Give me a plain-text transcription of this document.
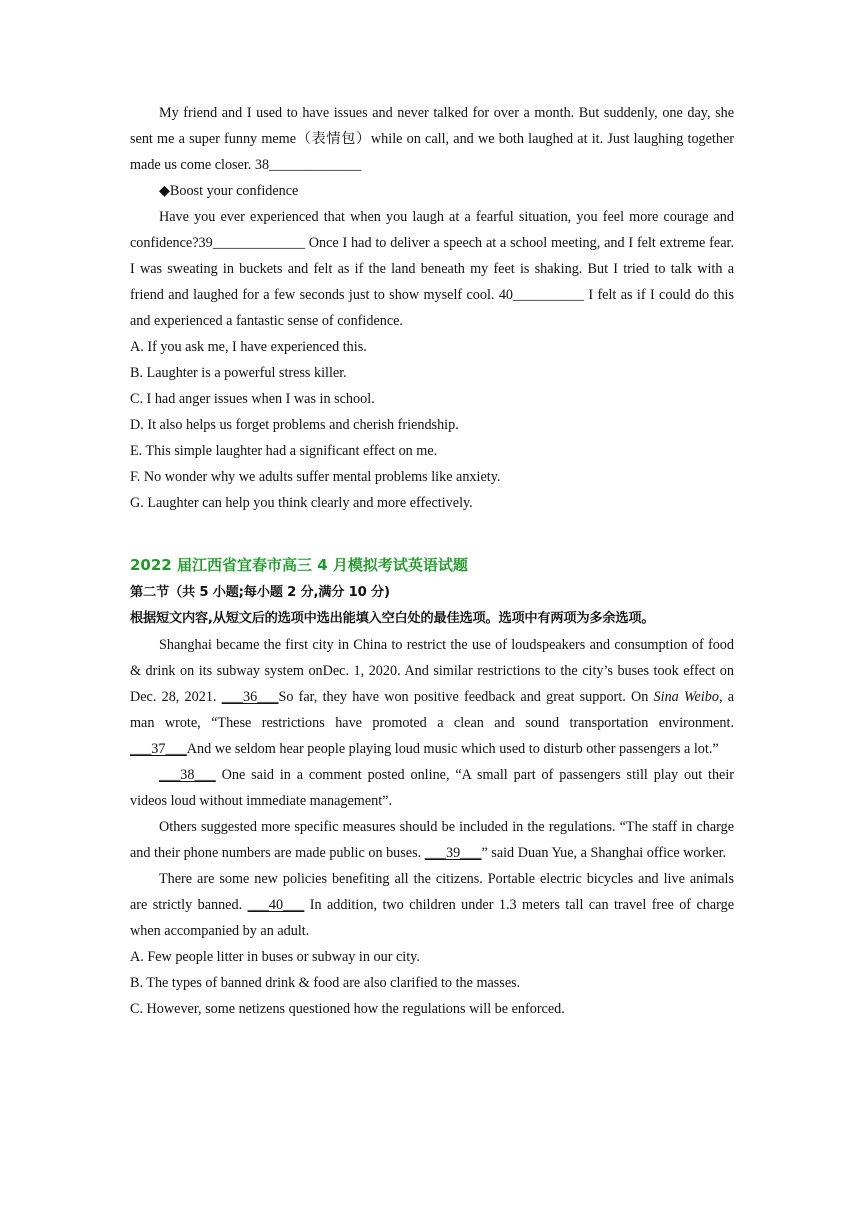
My friend and I used to have issues and never talked for over a month. But suddenly, one day, she sent me a super funny meme（表情包）while on call, and we both laughed at it. Just laughing together made us come closer. 38_____________

◆Boost your confidence

Have you ever experienced that when you laugh at a fearful situation, you feel more courage and confidence?39_____________ Once I had to deliver a speech at a school meeting, and I felt extreme fear. I was sweating in buckets and felt as if the land beneath my feet is shaking. But I tried to talk with a friend and laughed for a few seconds just to show myself cool. 40__________ I felt as if I could do this and experienced a fantastic sense of confidence.

A. If you ask me, I have experienced this.

B. Laughter is a powerful stress killer.

C. I had anger issues when I was in school.

D. It also helps us forget problems and cherish friendship.

E. This simple laughter had a significant effect on me.

F. No wonder why we adults suffer mental problems like anxiety.

G. Laughter can help you think clearly and more effectively.

2022 届江西省宜春市高三 4 月模拟考试英语试题

第二节（共 5 小题;每小题 2 分,满分 10 分)

根据短文内容,从短文后的选项中选出能填入空白处的最佳选项。选项中有两项为多余选项。

Shanghai became the first city in China to restrict the use of loudspeakers and consumption of food & drink on its subway system onDec. 1, 2020. And similar restrictions to the city’s buses took effect on Dec. 28, 2021. ___36___So far, they have won positive feedback and great support. On Sina Weibo, a man wrote, “These restrictions have promoted a clean and sound transportation environment. ___37___And we seldom hear people playing loud music which used to disturb other passengers a lot.”

___38___ One said in a comment posted online, “A small part of passengers still play out their videos loud without immediate management”.

Others suggested more specific measures should be included in the regulations. “The staff in charge and their phone numbers are made public on buses. ___39___” said Duan Yue, a Shanghai office worker.

There are some new policies benefiting all the citizens. Portable electric bicycles and live animals are strictly banned. ___40___ In addition, two children under 1.3 meters tall can travel free of charge when accompanied by an adult.

A. Few people litter in buses or subway in our city.

B. The types of banned drink & food are also clarified to the masses.

C. However, some netizens questioned how the regulations will be enforced.
